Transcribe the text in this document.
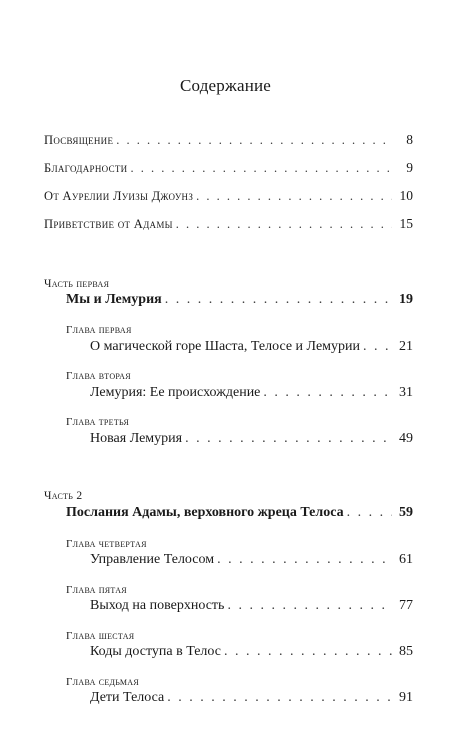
Содержание
Посвящение . . .	8
Благодарности . . .	9
От Аурелии Луизы Джоунз . . .	10
Приветствие от Адамы . . .	15
Часть первая
Мы и Лемурия . . .	19
Глава первая
О магической горе Шаста, Телосе и Лемурии . . .	21
Глава вторая
Лемурия: Ее происхождение . . .	31
Глава третья
Новая Лемурия . . .	49
Часть 2
Послания Адамы, верховного жреца Телоса . . .	59
Глава четвертая
Управление Телосом . . .	61
Глава пятая
Выход на поверхность . . .	77
Глава шестая
Коды доступа в Телос . . .	85
Глава седьмая
Дети Телоса . . .	91
